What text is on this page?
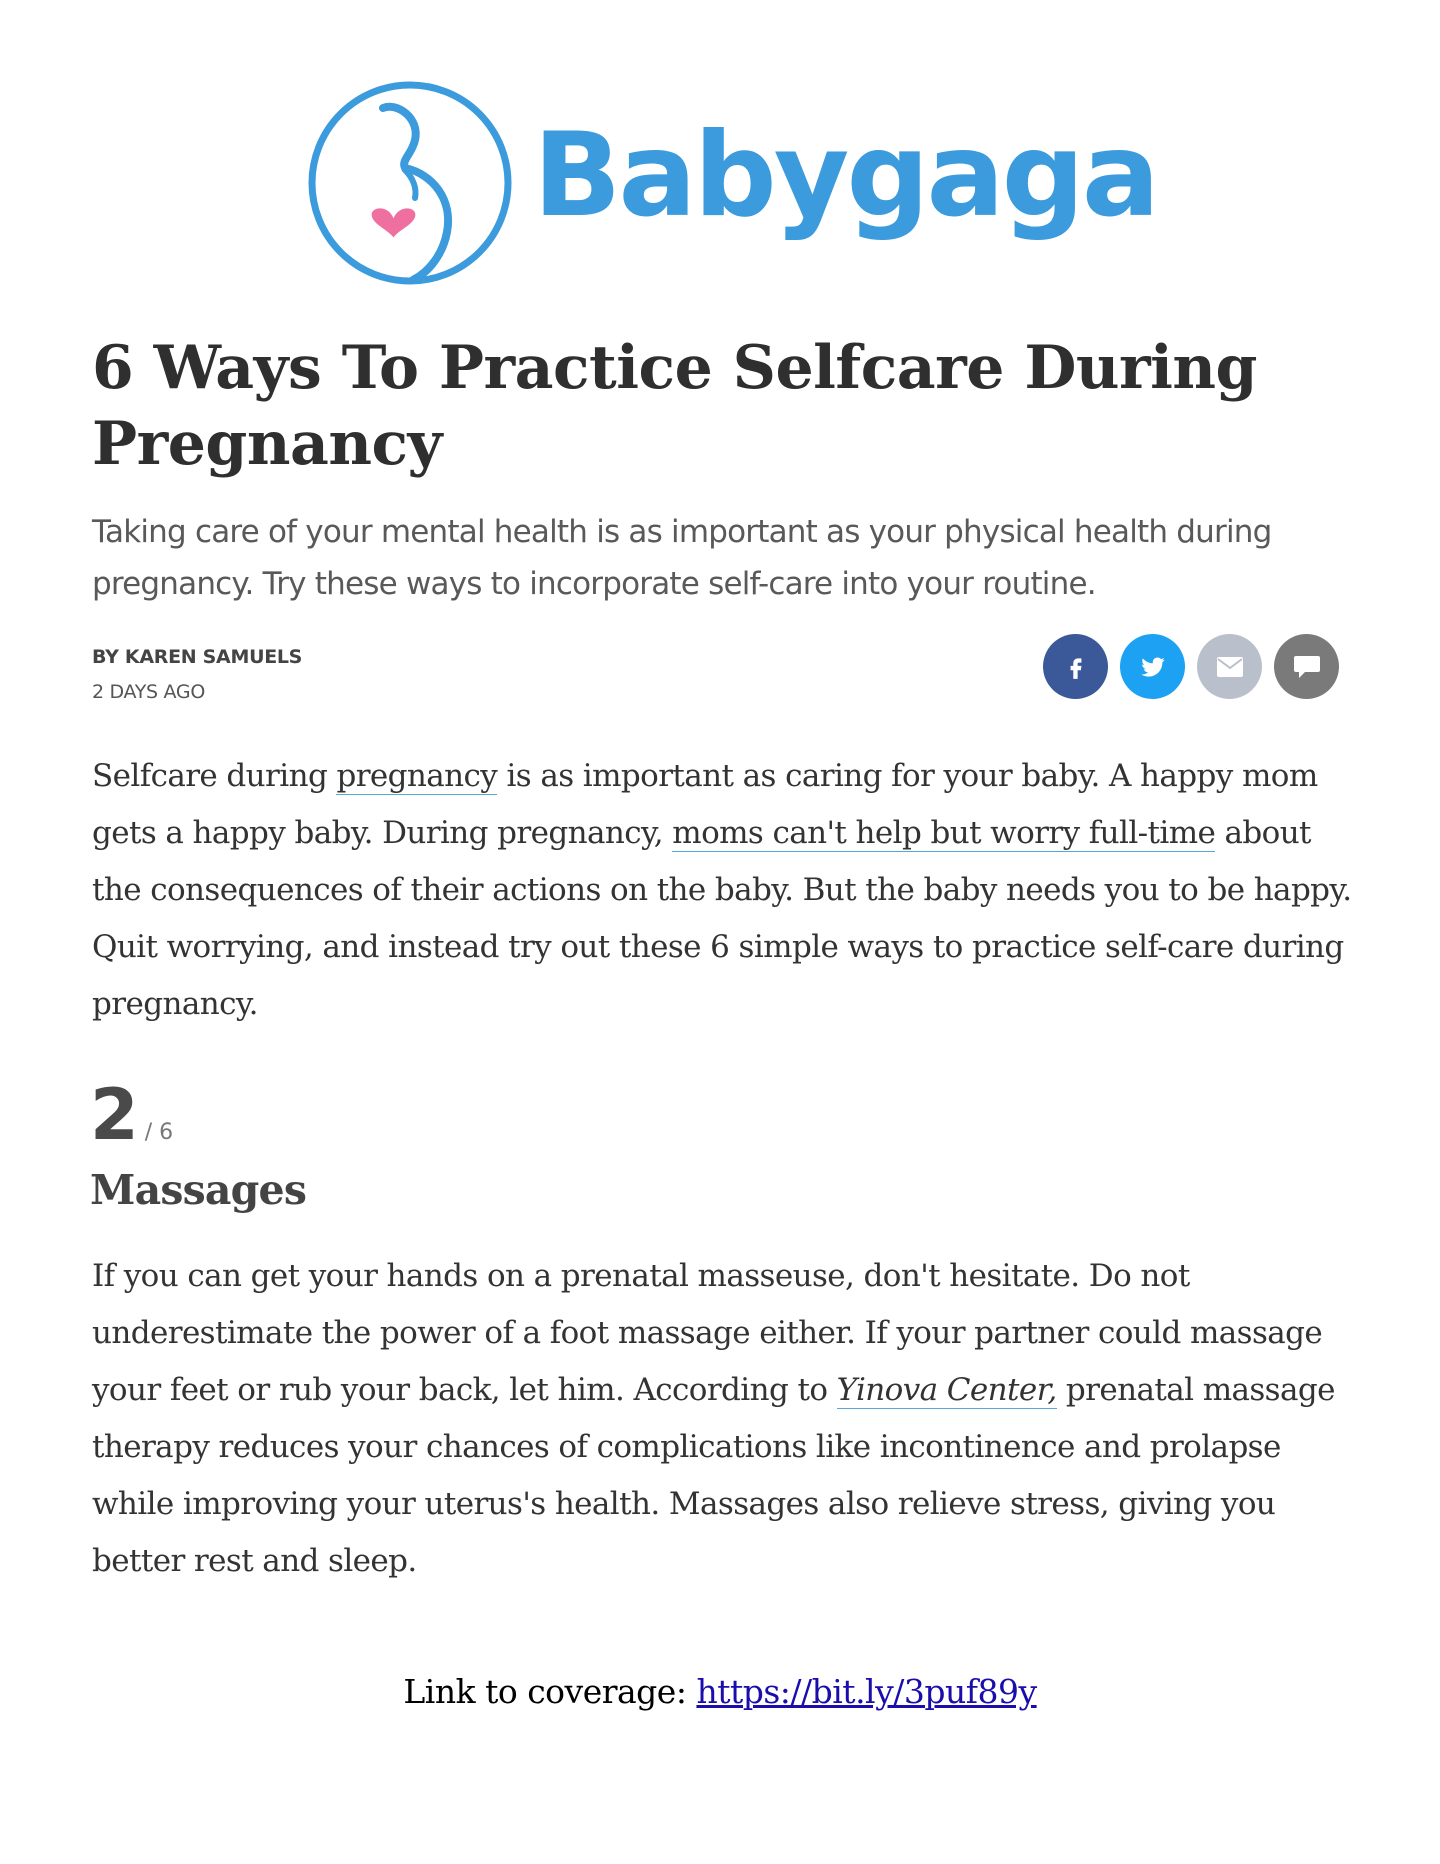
Babygaga
6 Ways To Practice Selfcare During Pregnancy

Taking care of your mental health is as important as your physical health during pregnancy. Try these ways to incorporate self-care into your routine.

BY KAREN SAMUELS
2 DAYS AGO

Selfcare during pregnancy is as important as caring for your baby. A happy mom gets a happy baby. During pregnancy, moms can't help but worry full-time about the consequences of their actions on the baby. But the baby needs you to be happy. Quit worrying, and instead try out these 6 simple ways to practice self-care during pregnancy.

2 / 6
Massages

If you can get your hands on a prenatal masseuse, don't hesitate. Do not underestimate the power of a foot massage either. If your partner could massage your feet or rub your back, let him. According to Yinova Center, prenatal massage therapy reduces your chances of complications like incontinence and prolapse while improving your uterus's health. Massages also relieve stress, giving you better rest and sleep.

Link to coverage: https://bit.ly/3puf89y
